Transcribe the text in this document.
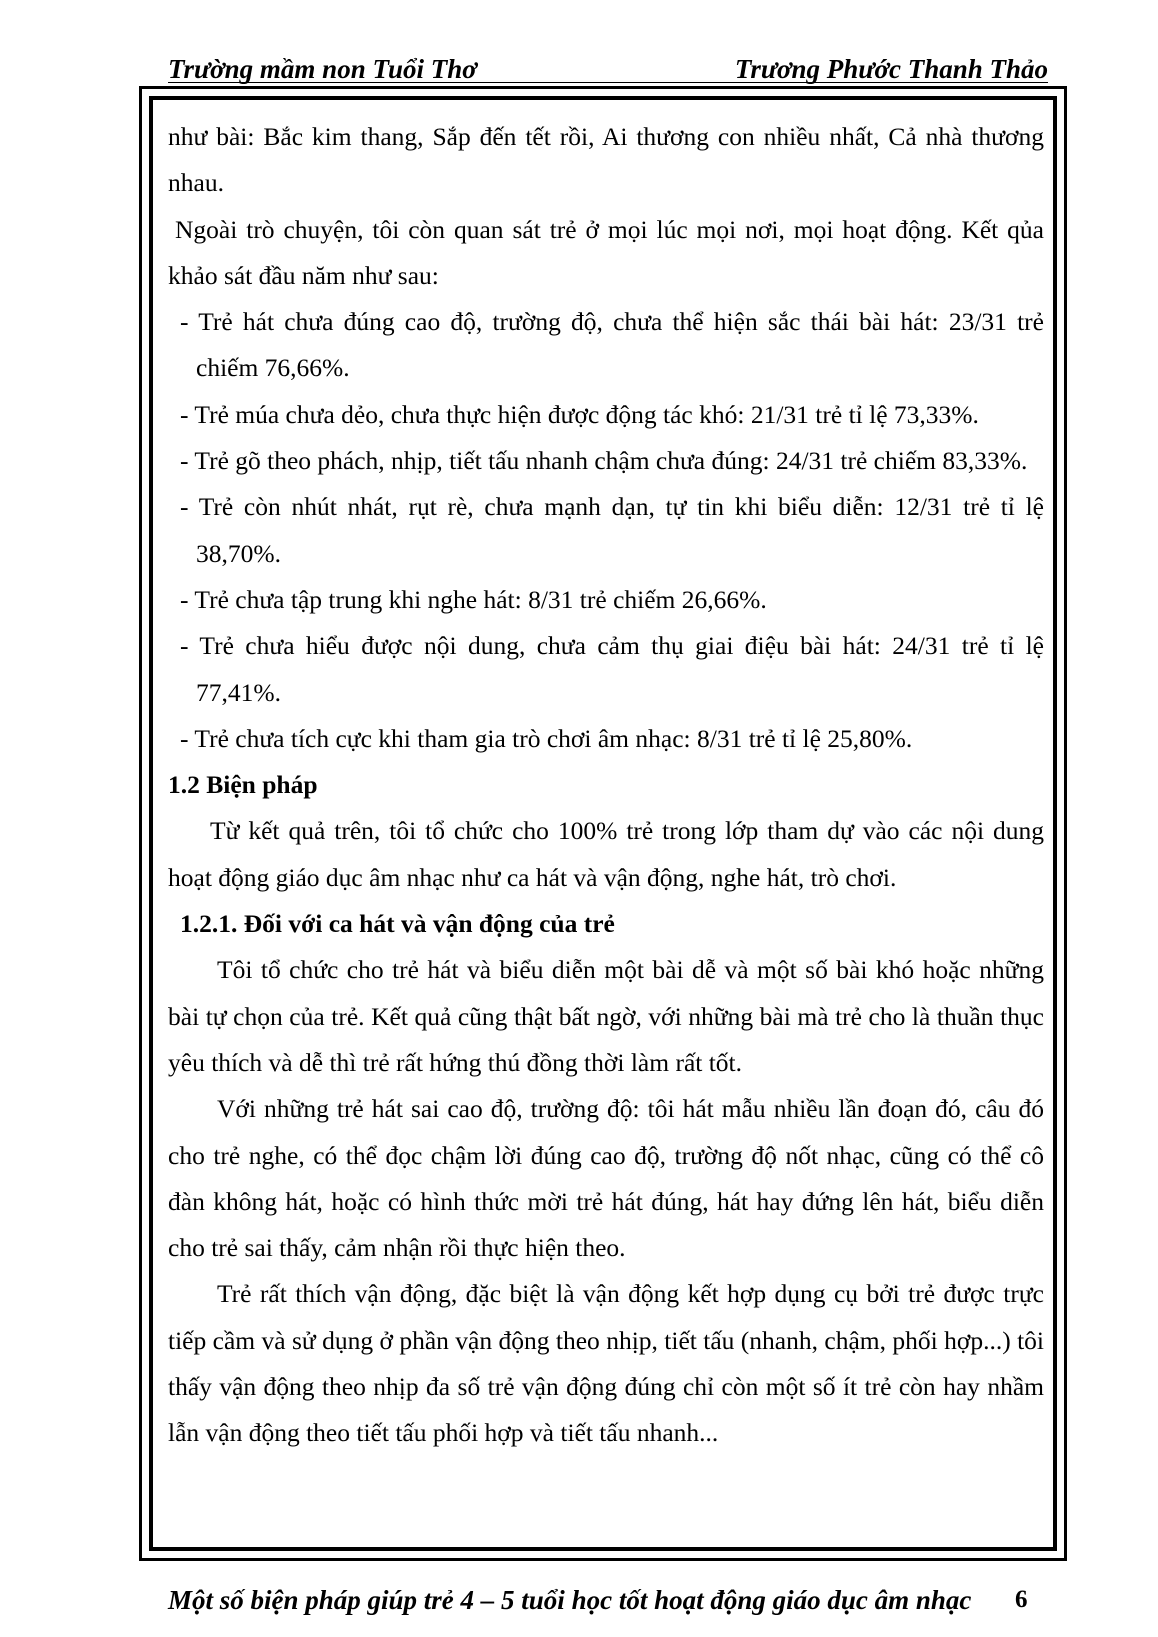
Trường mầm non Tuổi Thơ	Trương Phước Thanh Thảo

như bài: Bắc kim thang, Sắp đến tết rồi, Ai thương con nhiều nhất, Cả nhà thương nhau.

Ngoài trò chuyện, tôi còn quan sát trẻ ở mọi lúc mọi nơi, mọi hoạt động. Kết qủa khảo sát đầu năm như sau:

- Trẻ hát chưa đúng cao độ, trường độ, chưa thể hiện sắc thái bài hát: 23/31 trẻ chiếm 76,66%.

- Trẻ múa chưa dẻo, chưa thực hiện được động tác khó: 21/31 trẻ tỉ lệ 73,33%.

- Trẻ gõ theo phách, nhịp, tiết tấu nhanh chậm chưa đúng: 24/31 trẻ chiếm 83,33%.

- Trẻ còn nhút nhát, rụt rè, chưa mạnh dạn, tự tin khi biểu diễn: 12/31 trẻ tỉ lệ 38,70%.

- Trẻ chưa tập trung khi nghe hát: 8/31 trẻ chiếm 26,66%.

- Trẻ chưa hiểu được nội dung, chưa cảm thụ giai điệu bài hát: 24/31 trẻ tỉ lệ 77,41%.

- Trẻ chưa tích cực khi tham gia trò chơi âm nhạc: 8/31 trẻ tỉ lệ 25,80%.

1.2 Biện pháp

Từ kết quả trên, tôi tổ chức cho 100% trẻ trong lớp tham dự vào các nội dung hoạt động giáo dục âm nhạc như ca hát và vận động, nghe hát, trò chơi.

1.2.1. Đối với ca hát và vận động của trẻ

Tôi tổ chức cho trẻ hát và biểu diễn một bài dễ và một số bài khó hoặc những bài tự chọn của trẻ. Kết quả cũng thật bất ngờ, với những bài mà trẻ cho là thuần thục yêu thích và dễ thì trẻ rất hứng thú đồng thời làm rất tốt.

Với những trẻ hát sai cao độ, trường độ: tôi hát mẫu nhiều lần đoạn đó, câu đó cho trẻ nghe, có thể đọc chậm lời đúng cao độ, trường độ nốt nhạc, cũng có thể cô đàn không hát, hoặc có hình thức mời trẻ hát đúng, hát hay đứng lên hát, biểu diễn cho trẻ sai thấy, cảm nhận rồi thực hiện theo.

Trẻ rất thích vận động, đặc biệt là vận động kết hợp dụng cụ bởi trẻ được trực tiếp cầm và sử dụng ở phần vận động theo nhịp, tiết tấu (nhanh, chậm, phối hợp...) tôi thấy vận động theo nhịp đa số trẻ vận động đúng chỉ còn một số ít trẻ còn hay nhầm lẫn vận động theo tiết tấu phối hợp và tiết tấu nhanh...

Một số biện pháp giúp trẻ 4 – 5 tuổi học tốt hoạt động giáo dục âm nhạc 6
